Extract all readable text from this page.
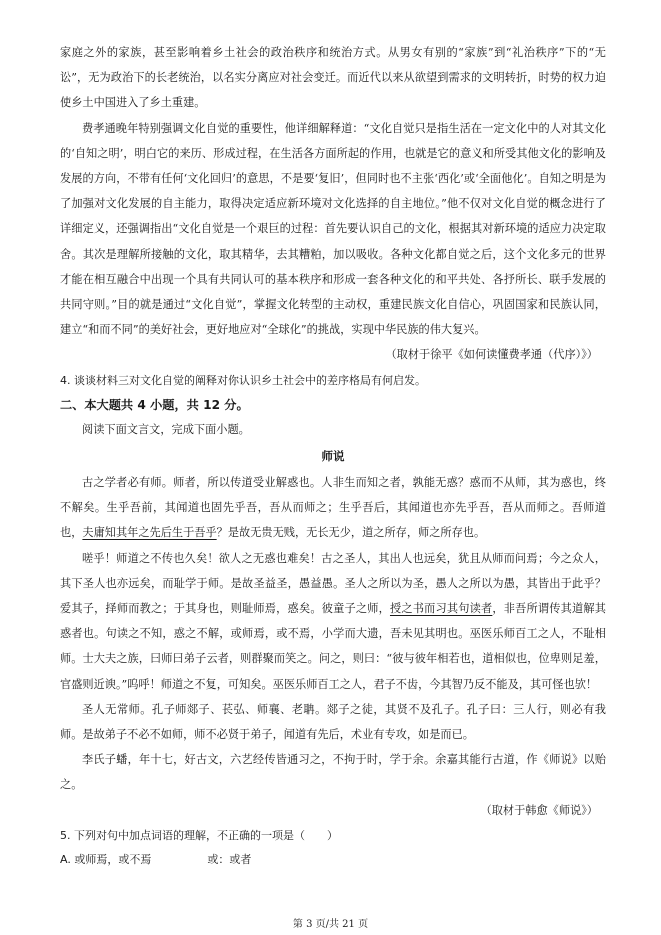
家庭之外的家族，甚至影响着乡土社会的政治秩序和统治方式。从男女有别的“家族”到“礼治秩序”下的“无讼”，无为政治下的长老统治，以名实分离应对社会变迁。而近代以来从欲望到需求的文明转折，时势的权力迫使乡土中国进入了乡土重建。

费孝通晚年特别强调文化自觉的重要性，他详细解释道：“文化自觉只是指生活在一定文化中的人对其文化的‘自知之明’，明白它的来历、形成过程，在生活各方面所起的作用，也就是它的意义和所受其他文化的影响及发展的方向，不带有任何‘文化回归’的意思，不是要‘复旧’，但同时也不主张‘西化’或‘全面他化’。自知之明是为了加强对文化发展的自主能力，取得决定适应新环境对文化选择的自主地位。”他不仅对文化自觉的概念进行了详细定义，还强调指出“文化自觉是一个艰巨的过程：首先要认识自己的文化，根据其对新环境的适应力决定取舍。其次是理解所接触的文化，取其精华，去其糟粕，加以吸收。各种文化都自觉之后，这个文化多元的世界才能在相互融合中出现一个具有共同认可的基本秩序和形成一套各种文化的和平共处、各抒所长、联手发展的共同守则。”目的就是通过“文化自觉”，掌握文化转型的主动权，重建民族文化自信心，巩固国家和民族认同，建立“和而不同”的美好社会，更好地应对“全球化”的挑战，实现中华民族的伟大复兴。

（取材于徐平《如何读懂费孝通（代序）》）

4. 谈谈材料三对文化自觉的阐释对你认识乡土社会中的差序格局有何启发。

二、本大题共 4 小题，共 12 分。

阅读下面文言文，完成下面小题。

师说

古之学者必有师。师者，所以传道受业解惑也。人非生而知之者，孰能无惑？惑而不从师，其为惑也，终不解矣。生乎吾前，其闻道也固先乎吾，吾从而师之；生乎吾后，其闻道也亦先乎吾，吾从而师之。吾师道也，夫庸知其年之先后生于吾乎？是故无贵无贱，无长无少，道之所存，师之所存也。

嗟乎！师道之不传也久矣！欲人之无惑也难矣！古之圣人，其出人也远矣，犹且从师而问焉；今之众人，其下圣人也亦远矣，而耻学于师。是故圣益圣，愚益愚。圣人之所以为圣，愚人之所以为愚，其皆出于此乎？爱其子，择师而教之；于其身也，则耻师焉，惑矣。彼童子之师，授之书而习其句读者，非吾所谓传其道解其惑者也。句读之不知，惑之不解，或师焉，或不焉，小学而大遗，吾未见其明也。巫医乐师百工之人，不耻相师。士大夫之族，曰师曰弟子云者，则群聚而笑之。问之，则曰：“彼与彼年相若也，道相似也，位卑则足羞，官盛则近谀。”呜呼！师道之不复，可知矣。巫医乐师百工之人，君子不齿，今其智乃反不能及，其可怪也欤！

圣人无常师。孔子师郯子、苌弘、师襄、老聃。郯子之徒，其贤不及孔子。孔子曰：三人行，则必有我师。是故弟子不必不如师，师不必贤于弟子，闻道有先后，术业有专攻，如是而已。

李氏子蟠，年十七，好古文，六艺经传皆通习之，不拘于时，学于余。余嘉其能行古道，作《师说》以贻之。

（取材于韩愈《师说》）

5. 下列对句中加点词语的理解，不正确的一项是（　　）

A. 或师焉，或不焉	或：或者

第 3 页/共 21 页
